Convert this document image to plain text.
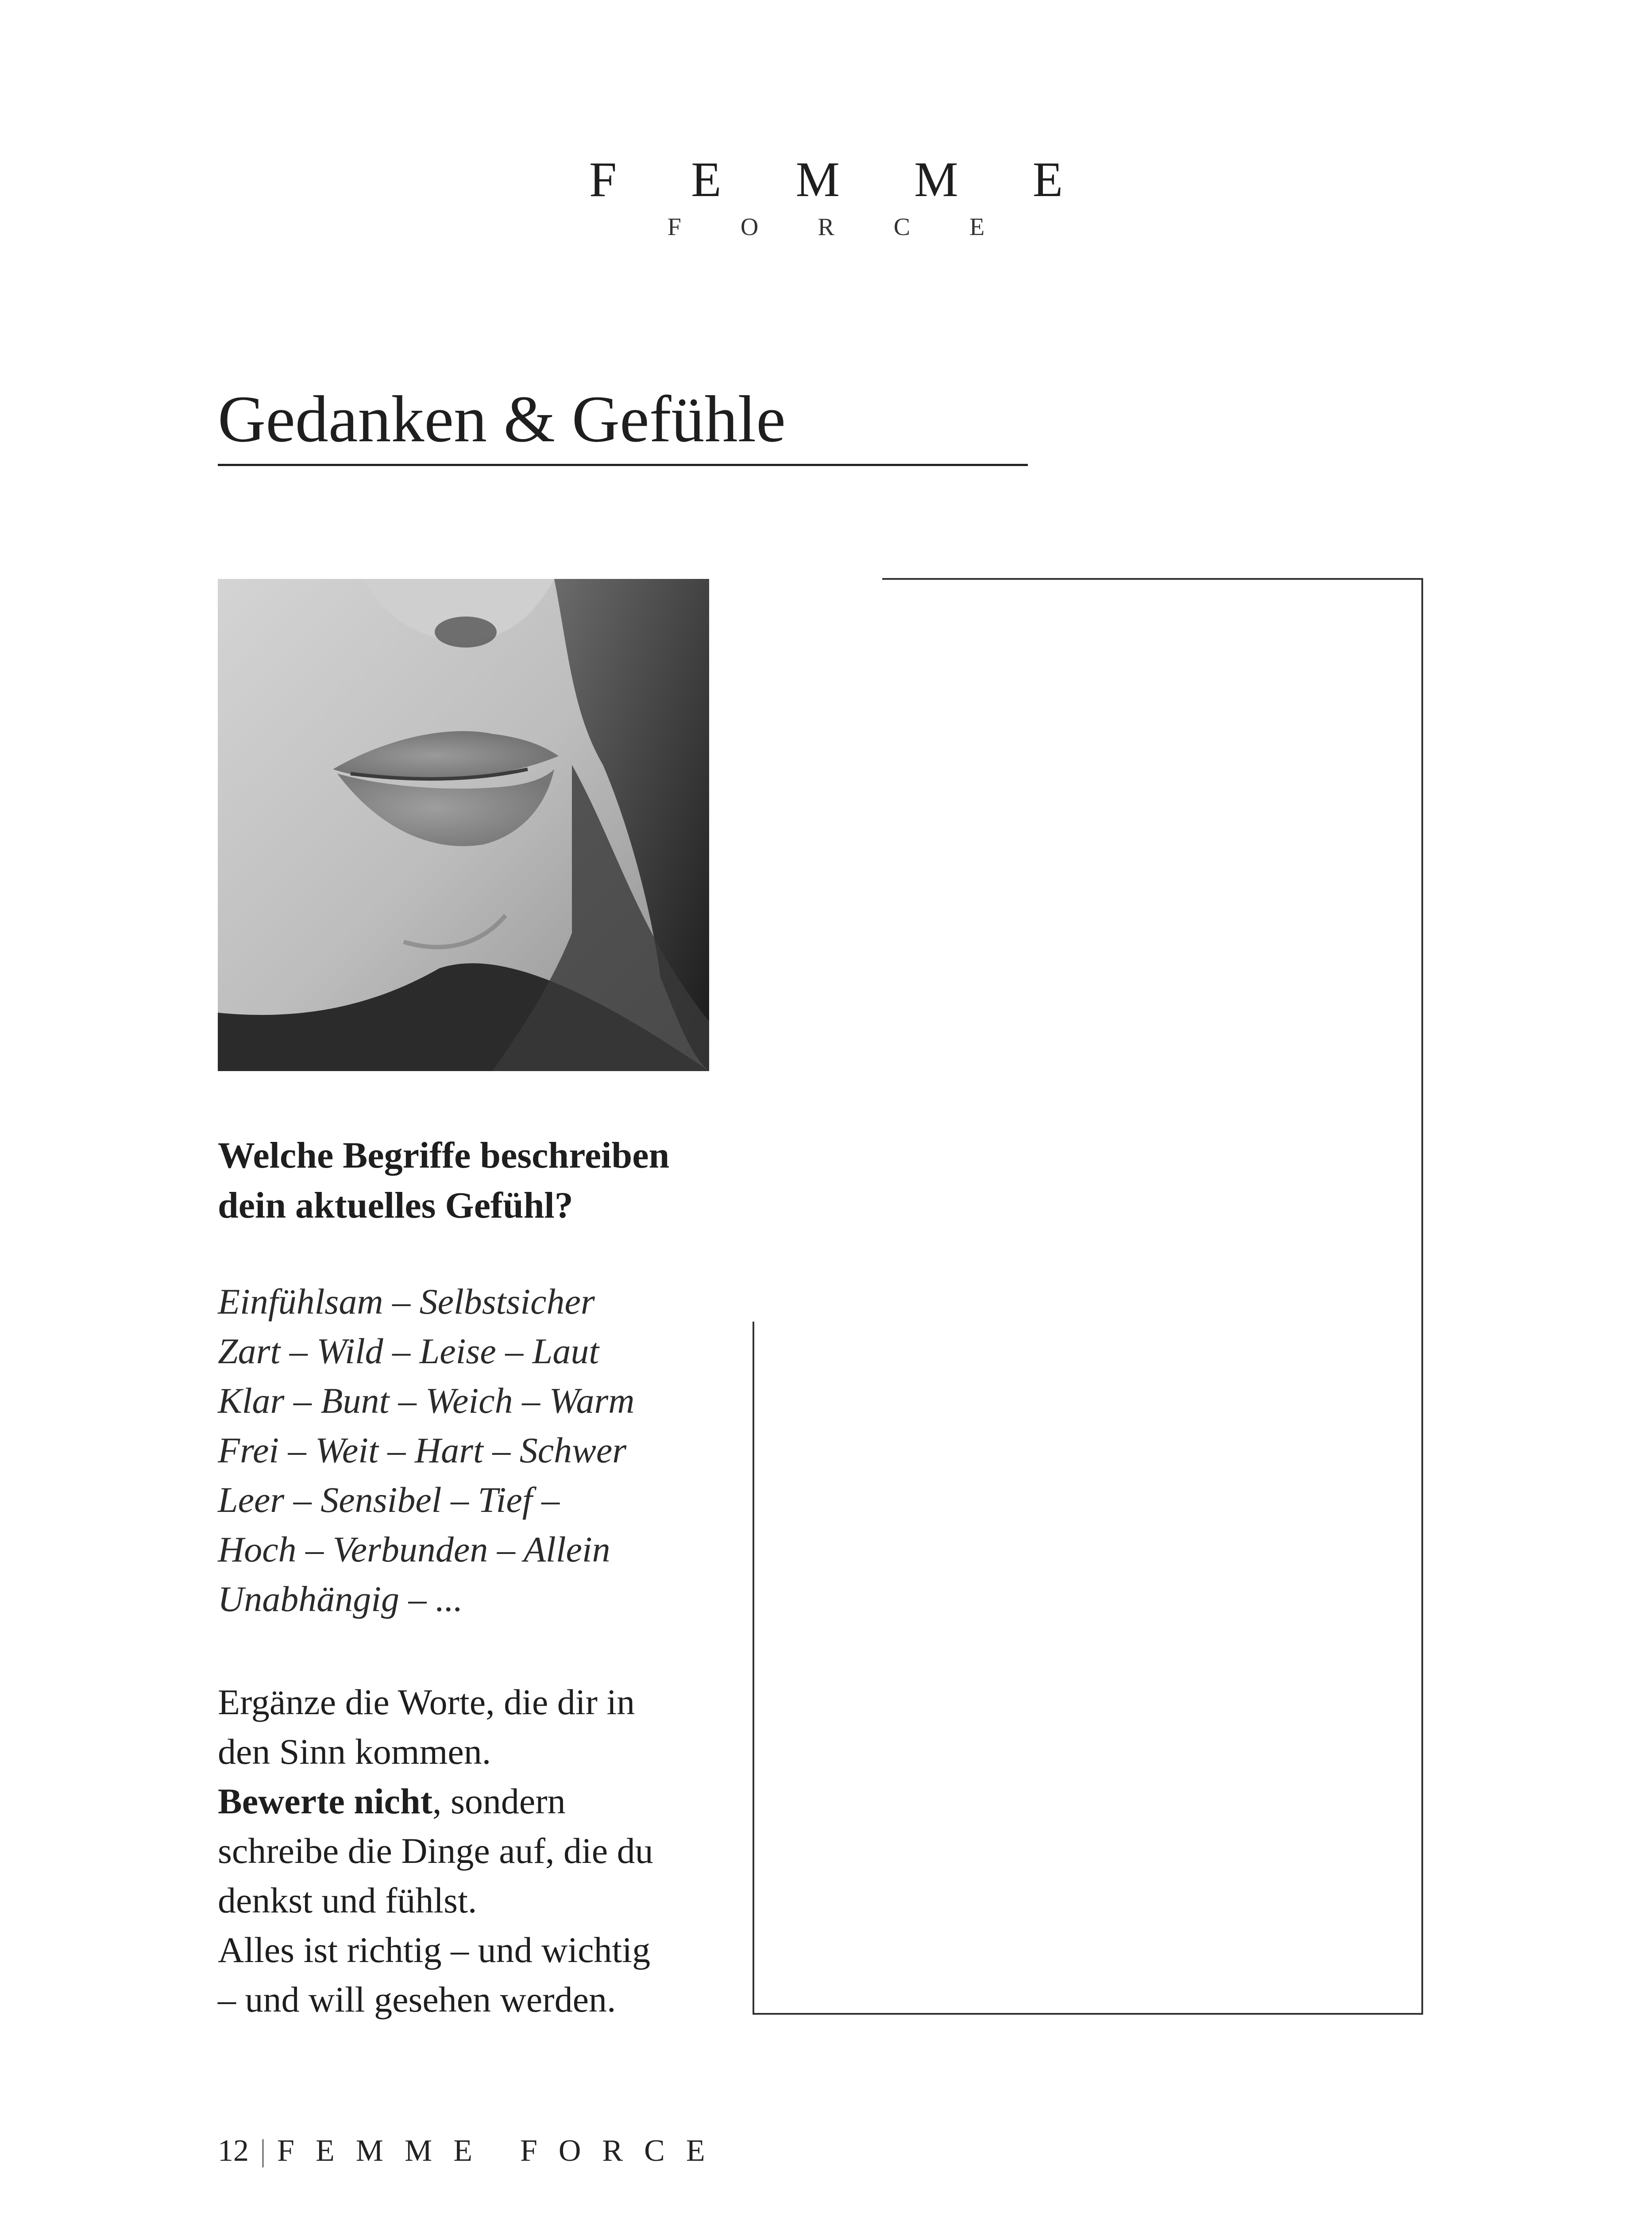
F E M M E
F O R C E
Gedanken & Gefühle

Welche Begriffe beschreiben
dein aktuelles Gefühl?

Einfühlsam – Selbstsicher
Zart – Wild – Leise – Laut
Klar – Bunt – Weich – Warm
Frei – Weit – Hart – Schwer
Leer – Sensibel – Tief –
Hoch – Verbunden – Allein
Unabhängig – ...
Ergänze die Worte, die dir in
den Sinn kommen.
Bewerte nicht, sondern
schreibe die Dinge auf, die du
denkst und fühlst.
Alles ist richtig – und wichtig
– und will gesehen werden.
12 | FEMME FORCE
